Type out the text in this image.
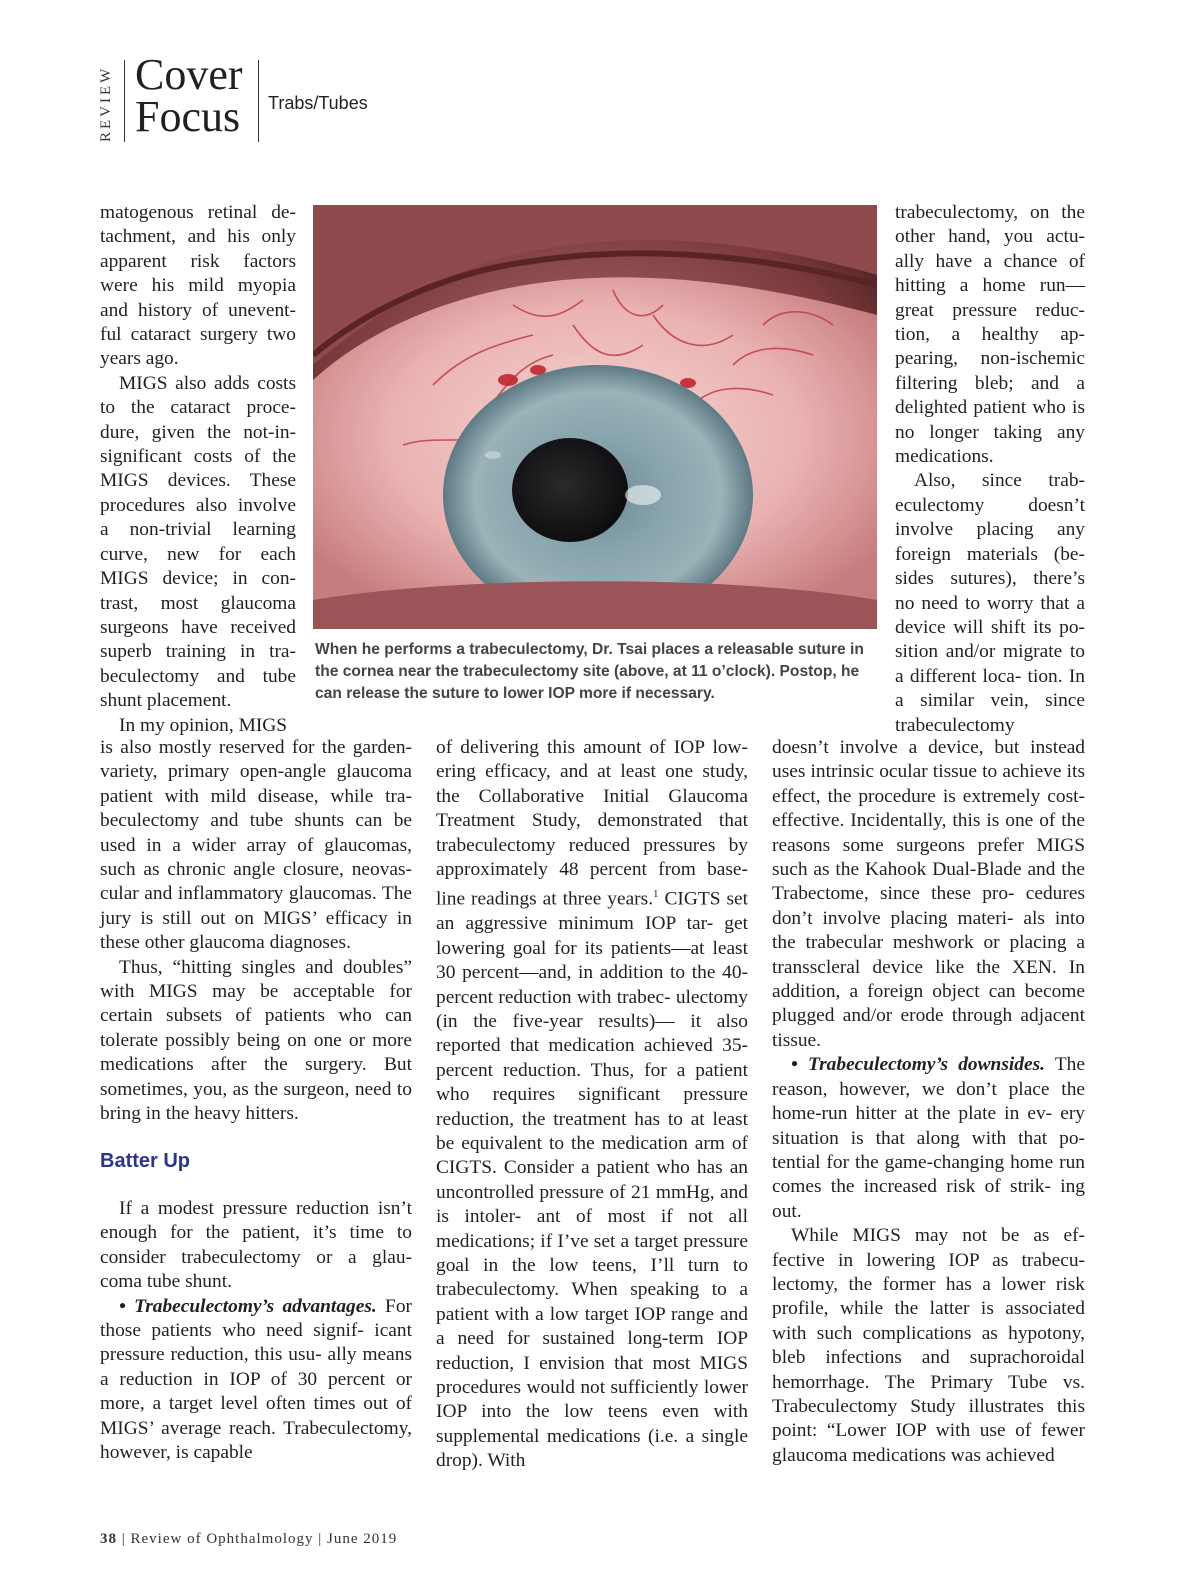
REVIEW Cover
Focus Trabs/Tubes
When he performs a trabeculectomy, Dr. Tsai places a releasable suture in the cornea near the trabeculectomy site (above, at 11 o’clock). Postop, he can release the suture to lower IOP more if necessary.

matogenous retinal de- tachment, and his only apparent risk factors were his mild myopia and history of unevent- ful cataract surgery two years ago.

MIGS also adds costs to the cataract proce- dure, given the not-in- significant costs of the MIGS devices. These procedures also involve a non-trivial learning curve, new for each MIGS device; in con- trast, most glaucoma surgeons have received superb training in tra- beculectomy and tube shunt placement.

In my opinion, MIGS

is also mostly reserved for the garden- variety, primary open-angle glaucoma patient with mild disease, while tra- beculectomy and tube shunts can be used in a wider array of glaucomas, such as chronic angle closure, neovas- cular and inflammatory glaucomas. The jury is still out on MIGS’ efficacy in these other glaucoma diagnoses.

Thus, “hitting singles and doubles” with MIGS may be acceptable for certain subsets of patients who can tolerate possibly being on one or more medications after the surgery. But sometimes, you, as the surgeon, need to bring in the heavy hitters.

Batter Up

If a modest pressure reduction isn’t enough for the patient, it’s time to consider trabeculectomy or a glau- coma tube shunt.

• Trabeculectomy’s advantages. For those patients who need signif- icant pressure reduction, this usu- ally means a reduction in IOP of 30 percent or more, a target level often times out of MIGS’ average reach. Trabeculectomy, however, is capable

of delivering this amount of IOP low- ering efficacy, and at least one study, the Collaborative Initial Glaucoma Treatment Study, demonstrated that trabeculectomy reduced pressures by approximately 48 percent from base- line readings at three years.$^1$ CIGTS set an aggressive minimum IOP tar- get lowering goal for its patients—at least 30 percent—and, in addition to the 40-percent reduction with trabec- ulectomy (in the five-year results)— it also reported that medication achieved 35-percent reduction. Thus, for a patient who requires significant pressure reduction, the treatment has to at least be equivalent to the medication arm of CIGTS. Consider a patient who has an uncontrolled pressure of 21 mmHg, and is intoler- ant of most if not all medications; if I’ve set a target pressure goal in the low teens, I’ll turn to trabeculectomy. When speaking to a patient with a low target IOP range and a need for sustained long-term IOP reduction, I envision that most MIGS procedures would not sufficiently lower IOP into the low teens even with supplemental medications (i.e. a single drop). With

trabeculectomy, on the other hand, you actu- ally have a chance of hitting a home run— great pressure reduc- tion, a healthy ap- pearing, non-ischemic filtering bleb; and a delighted patient who is no longer taking any medications.

Also, since trab- eculectomy doesn’t involve placing any foreign materials (be- sides sutures), there’s no need to worry that a device will shift its po- sition and/or migrate to a different loca- tion. In a similar vein, since trabeculectomy

doesn’t involve a device, but instead uses intrinsic ocular tissue to achieve its effect, the procedure is extremely cost-effective. Incidentally, this is one of the reasons some surgeons prefer MIGS such as the Kahook Dual-Blade and the Trabectome, since these pro- cedures don’t involve placing materi- als into the trabecular meshwork or placing a transscleral device like the XEN. In addition, a foreign object can become plugged and/or erode through adjacent tissue.

• Trabeculectomy’s downsides. The reason, however, we don’t place the home-run hitter at the plate in ev- ery situation is that along with that po- tential for the game-changing home run comes the increased risk of strik- ing out.

While MIGS may not be as ef- fective in lowering IOP as trabecu- lectomy, the former has a lower risk profile, while the latter is associated with such complications as hypotony, bleb infections and suprachoroidal hemorrhage. The Primary Tube vs. Trabeculectomy Study illustrates this point: “Lower IOP with use of fewer glaucoma medications was achieved

38 | Review of Ophthalmology | June 2019
